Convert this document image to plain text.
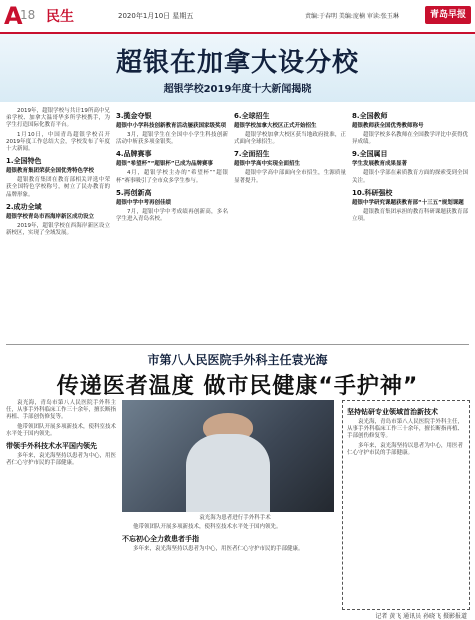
A
18 民生	2020年1月10日 星期五	责编:于春明 美编:庞楠 审读:张玉琳	青岛早报
超银在加拿大设分校
超银学校2019年度十大新闻揭晓

2019年，超银学校与共计19所高中兄弟学校、加拿大温哥华多所学校携手，为学生打造国际化教育平台。

1月10日，中国青岛超银学校召开2019年度工作总结大会，学校发布了年度十大新闻。

1.全国特色
超银教育集团荣获全国优秀特色学校

超银教育集团在教育部相关评选中荣获全国特色学校称号，树立了民办教育的品牌形象。

2.成功全域
超银学校青岛市西海岸新区成功设立

2019年，超银学校在西海岸新区设立新校区，实现了全域发展。

3.揽金夺银
超银中小学科技创新教育活动屡获国家级奖项

3月，超银学生在全国中小学生科技创新活动中斩获多项金银奖。

4.品牌赛事
超银“希望杯”“超银杯”已成为品牌赛事

4月，超银学校主办的“希望杯”“超银杯”赛事吸引了全市众多学生参与。

5.再创新高
超银中学中考再创佳绩

7月，超银中学中考成绩再创新高，多名学生进入青岛名校。

6.全球招生
超银学校加拿大校区正式开始招生

超银学校加拿大校区获当地政府批准，正式面向全球招生。

7.全面招生
超银中学高中实现全面招生

超银中学高中部面向全市招生，生源质量显著提升。

8.全国教师
超银教师获全国优秀教师称号

超银学校多名教师在全国教学评比中获得优异成绩。

9.全国属目
学生发展教育成果显著

超银小学部在素质教育方面的探索受到全国关注。

10.科研强校
超银中学研究课题获教育部“十三五”规划课题

超银教育集团承担的教育科研课题获教育部立项。

市第八人民医院手外科主任袁光海
传递医者温度 做市民健康“手护神”

袁光海，青岛市第八人民医院手外科主任，从事手外科临床工作三十余年，擅长断指再植、手部创伤修复等。

他带领团队开展多项新技术，使科室技术水平处于国内领先。

带领手外科技术水平国内领先

多年来，袁光海坚持以患者为中心，用医者仁心守护市民的手部健康。

袁光海为患者进行手外科手术

他带领团队开展多项新技术，使科室技术水平处于国内领先。

不忘初心全力救患者手指

多年来，袁光海坚持以患者为中心，用医者仁心守护市民的手部健康。

坚持钻研专业领域首治新技术

袁光海，青岛市第八人民医院手外科主任，从事手外科临床工作三十余年，擅长断指再植、手部创伤修复等。

多年来，袁光海坚持以患者为中心，用医者仁心守护市民的手部健康。

记者 黄飞 通讯员 孙晓飞 摄影报道
